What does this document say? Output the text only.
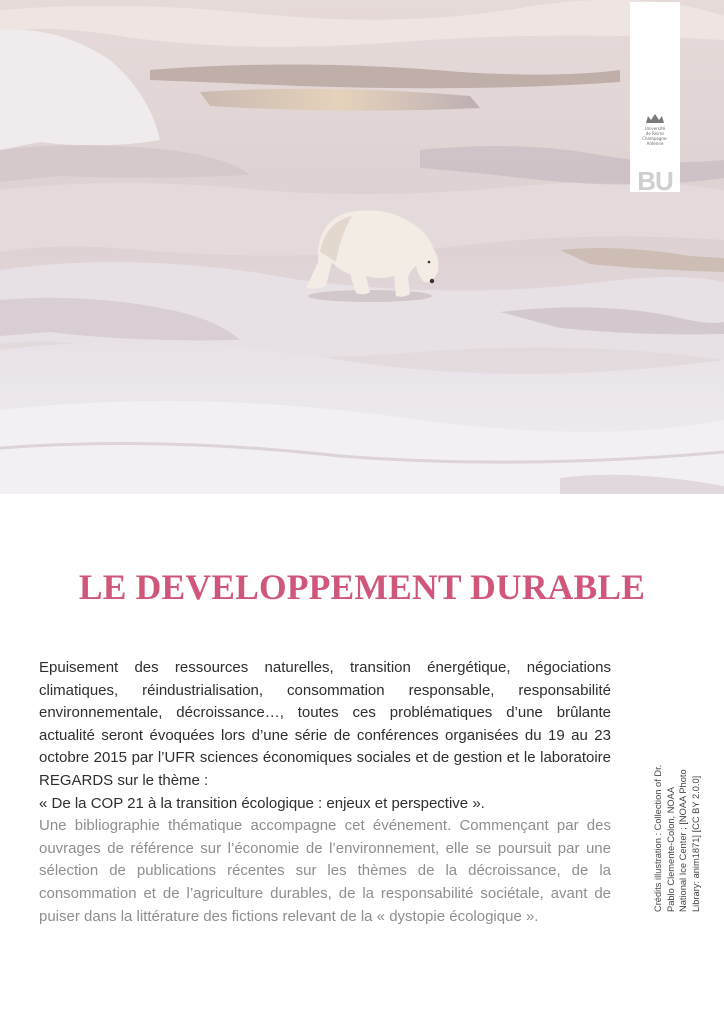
Université
de Reims
Champagne-Ardenne
BU
LE DEVELOPPEMENT DURABLE

Epuisement des ressources naturelles, transition énergétique, négociations climatiques, réindustrialisation, consommation responsable, responsabilité environnementale, décroissance…, toutes ces problématiques d’une brûlante actualité seront évoquées lors d’une série de conférences organisées du 19 au 23 octobre 2015 par l’UFR sciences économiques sociales et de gestion et le laboratoire REGARDS sur le thème :

« De la COP 21 à la transition écologique : enjeux et perspective ».

Une bibliographie thématique accompagne cet événement. Commençant par des ouvrages de référence sur l’économie de l’environnement, elle se poursuit par une sélection de publications récentes sur les thèmes de la décroissance, de la consommation et de l’agriculture durables, de la responsabilité sociétale, avant de puiser dans la littérature des fictions relevant de la « dystopie écologique ».

Crédits illustration : Collection of Dr. Pablo Clemente-Colon, NOAA National Ice Center ; [NOAA Photo Library: anim1871] [CC BY 2.0.0]
